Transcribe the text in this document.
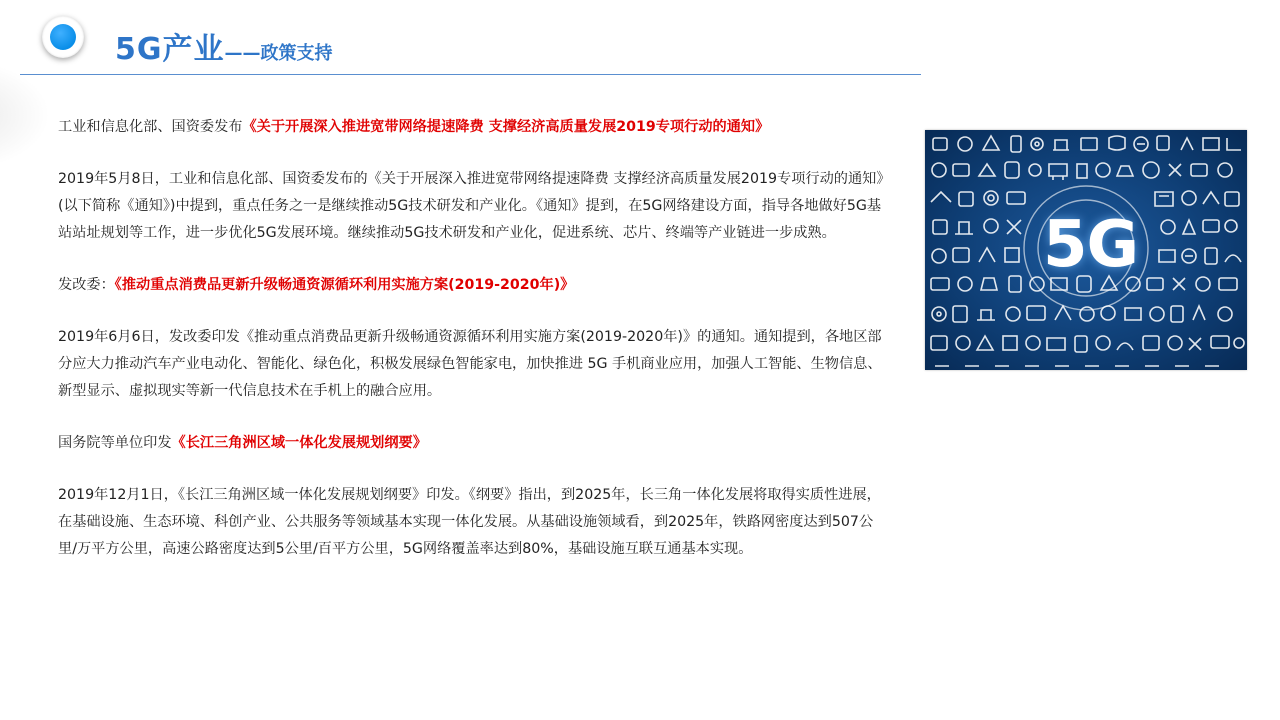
5G产业——政策支持

工业和信息化部、国资委发布《关于开展深入推进宽带网络提速降费 支撑经济高质量发展2019专项行动的通知》

2019年5月8日，工业和信息化部、国资委发布的《关于开展深入推进宽带网络提速降费 支撑经济高质量发展2019专项行动的通知》(以下简称《通知》)中提到，重点任务之一是继续推动5G技术研发和产业化。《通知》提到，在5G网络建设方面，指导各地做好5G基站站址规划等工作，进一步优化5G发展环境。继续推动5G技术研发和产业化，促进系统、芯片、终端等产业链进一步成熟。

发改委：《推动重点消费品更新升级畅通资源循环利用实施方案(2019-2020年)》

2019年6月6日，发改委印发《推动重点消费品更新升级畅通资源循环利用实施方案(2019-2020年)》的通知。通知提到，各地区部分应大力推动汽车产业电动化、智能化、绿色化，积极发展绿色智能家电，加快推进 5G 手机商业应用，加强人工智能、生物信息、新型显示、虚拟现实等新一代信息技术在手机上的融合应用。

国务院等单位印发《长江三角洲区域一体化发展规划纲要》

2019年12月1日，《长江三角洲区域一体化发展规划纲要》印发。《纲要》指出，到2025年，长三角一体化发展将取得实质性进展，在基础设施、生态环境、科创产业、公共服务等领域基本实现一体化发展。从基础设施领域看，到2025年，铁路网密度达到507公里/万平方公里，高速公路密度达到5公里/百平方公里，5G网络覆盖率达到80%，基础设施互联互通基本实现。

5G
